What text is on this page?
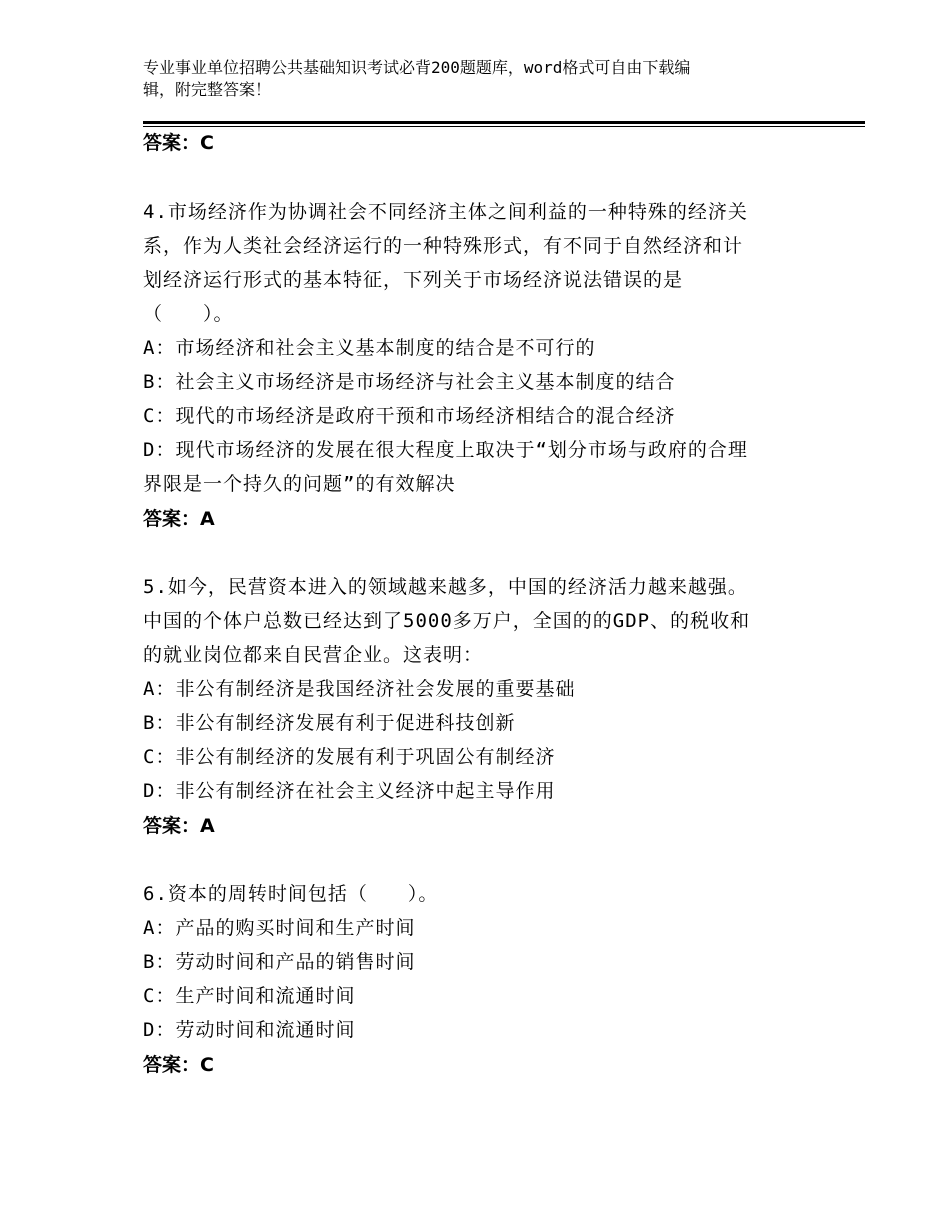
专业事业单位招聘公共基础知识考试必背200题题库，word格式可自由下载编
辑，附完整答案！
答案：C
4.市场经济作为协调社会不同经济主体之间利益的一种特殊的经济关
系，作为人类社会经济运行的一种特殊形式，有不同于自然经济和计
划经济运行形式的基本特征，下列关于市场经济说法错误的是
（　　）。
A：市场经济和社会主义基本制度的结合是不可行的
B：社会主义市场经济是市场经济与社会主义基本制度的结合
C：现代的市场经济是政府干预和市场经济相结合的混合经济
D：现代市场经济的发展在很大程度上取决于“划分市场与政府的合理
界限是一个持久的问题”的有效解决
答案：A
5.如今，民营资本进入的领域越来越多，中国的经济活力越来越强。
中国的个体户总数已经达到了5000多万户，全国的的GDP、的税收和
的就业岗位都来自民营企业。这表明：
A：非公有制经济是我国经济社会发展的重要基础
B：非公有制经济发展有利于促进科技创新
C：非公有制经济的发展有利于巩固公有制经济
D：非公有制经济在社会主义经济中起主导作用
答案：A
6.资本的周转时间包括（　　）。
A：产品的购买时间和生产时间
B：劳动时间和产品的销售时间
C：生产时间和流通时间
D：劳动时间和流通时间
答案：C
